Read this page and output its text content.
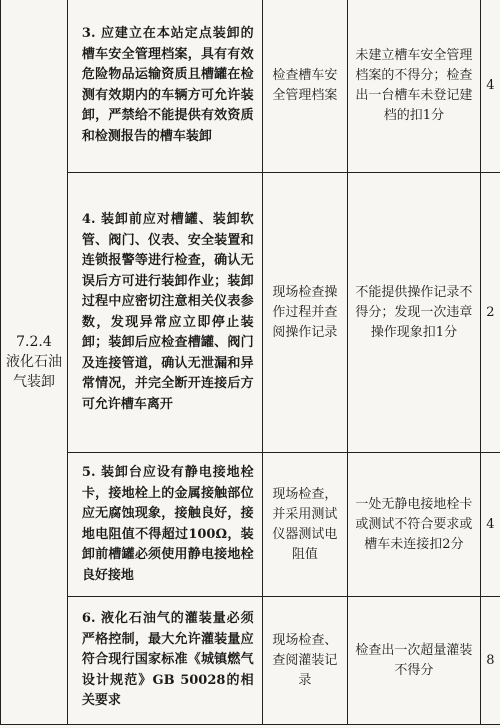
7.2.4
液化石油气装卸	3. 应建立在本站定点装卸的槽车安全管理档案，具有有效危险物品运输资质且槽罐在检测有效期内的车辆方可允许装卸，严禁给不能提供有效资质和检测报告的槽车装卸	检查槽车安全管理档案	未建立槽车安全管理档案的不得分；检查出一台槽车未登记建档的扣1分	4
	4. 装卸前应对槽罐、装卸软管、阀门、仪表、安全装置和连锁报警等进行检查，确认无误后方可进行装卸作业；装卸过程中应密切注意相关仪表参数，发现异常应立即停止装卸；装卸后应检查槽罐、阀门及连接管道，确认无泄漏和异常情况，并完全断开连接后方可允许槽车离开	现场检查操作过程并查阅操作记录	不能提供操作记录不得分；发现一次违章操作现象扣1分	2
	5. 装卸台应设有静电接地栓卡，接地栓上的金属接触部位应无腐蚀现象，接触良好，接地电阻值不得超过100Ω，装卸前槽罐必须使用静电接地栓良好接地	现场检查，并采用测试仪器测试电阻值	一处无静电接地栓卡或测试不符合要求或槽车未连接扣2分	4
	6. 液化石油气的灌装量必须严格控制，最大允许灌装量应符合现行国家标准《城镇燃气设计规范》GB 50028的相关要求	现场检查、查阅灌装记录	检查出一次超量灌装不得分	8
